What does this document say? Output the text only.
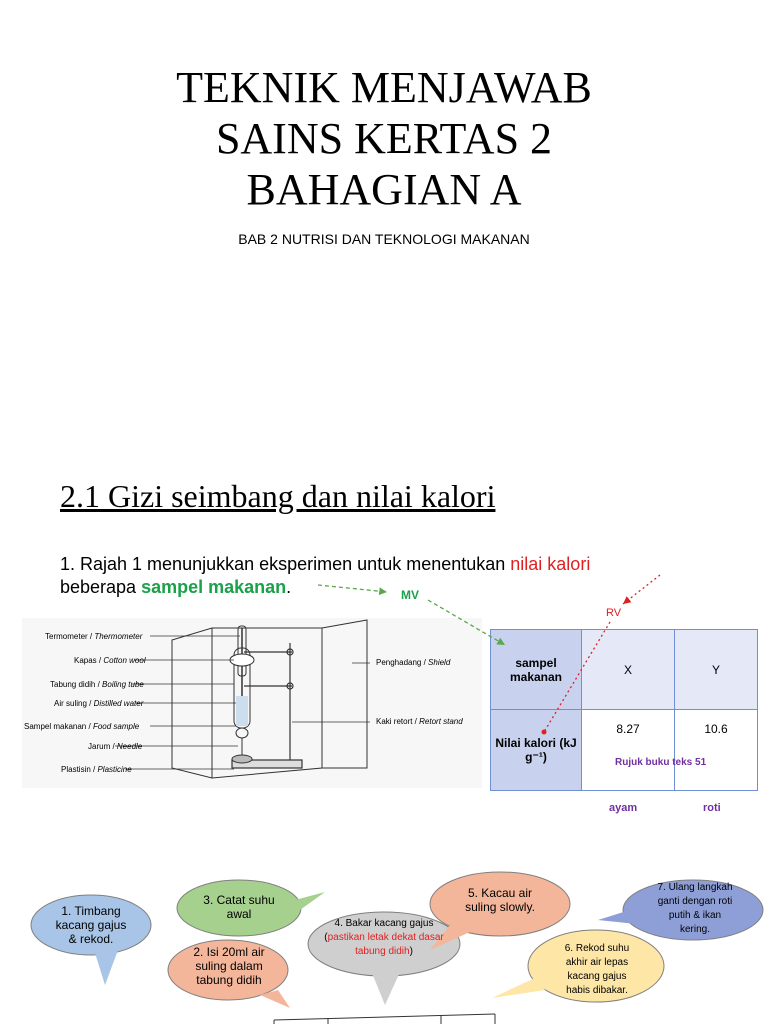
TEKNIK MENJAWAB
SAINS KERTAS 2
BAHAGIAN A
BAB 2 NUTRISI DAN TEKNOLOGI MAKANAN
2.1 Gizi seimbang dan nilai kalori
1. Rajah 1 menunjukkan eksperimen untuk menentukan nilai kalori
beberapa sampel makanan.	MV
RV
Termometer / Thermometer
Kapas / Cotton wool
Tabung didih / Boiling tube
Air suling / Distilled water
Sampel makanan / Food sample
Jarum / Needle
Plastisin / Plasticine
Penghadang / Shield
Kaki retort / Retort stand
sampel makanan	X	Y
Nilai kalori (kJ g⁻¹)	8.27	10.6
Rujuk buku teks 51
ayam	roti
1. Timbang kacang gajus & rekod.
3. Catat suhu awal
2. Isi 20ml air suling dalam tabung didih
4. Bakar kacang gajus (pastikan letak dekat dasar tabung didih)
5. Kacau air suling slowly.
6. Rekod suhu akhir air lepas kacang gajus habis dibakar.
7. Ulang langkah ganti dengan roti putih & ikan kering.
